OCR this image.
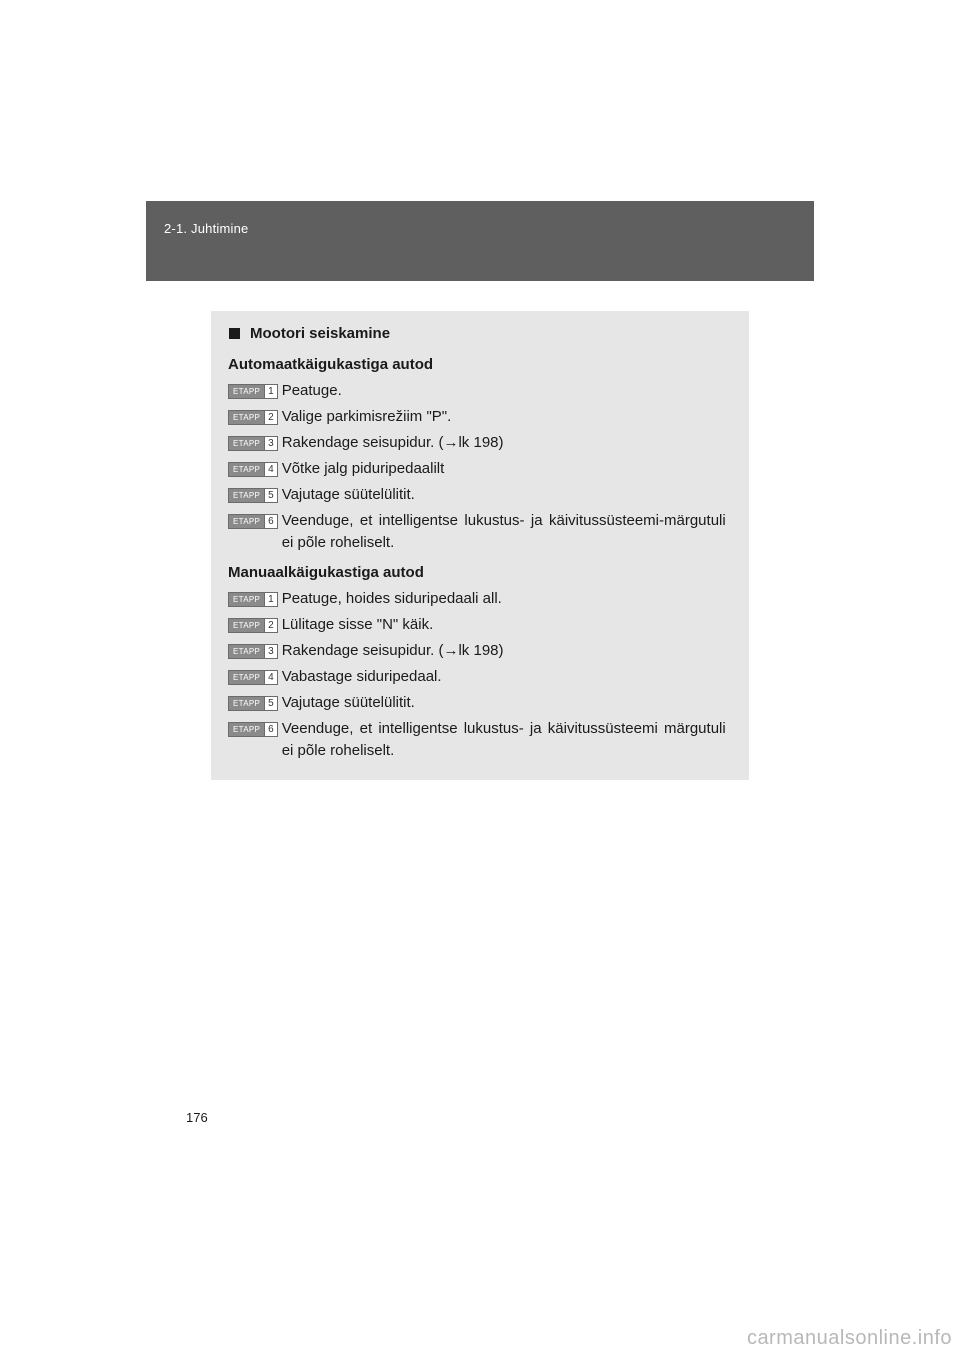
2-1. Juhtimine
Mootori seiskamine
Automaatkäigukastiga autod
ETAPP 1 Peatuge.
ETAPP 2 Valige parkimisrežiim "P".
ETAPP 3 Rakendage seisupidur. (→lk 198)
ETAPP 4 Võtke jalg piduripedaalilt
ETAPP 5 Vajutage süütelülitit.
ETAPP 6 Veenduge, et intelligentse lukustus- ja käivitussüsteemi-märgutuli ei põle roheliselt.
Manuaalkäigukastiga autod
ETAPP 1 Peatuge, hoides siduripedaali all.
ETAPP 2 Lülitage sisse "N" käik.
ETAPP 3 Rakendage seisupidur. (→lk 198)
ETAPP 4 Vabastage siduripedaal.
ETAPP 5 Vajutage süütelülitit.
ETAPP 6 Veenduge, et intelligentse lukustus- ja käivitussüsteemi märgutuli ei põle roheliselt.
176
carmanualsonline.info
